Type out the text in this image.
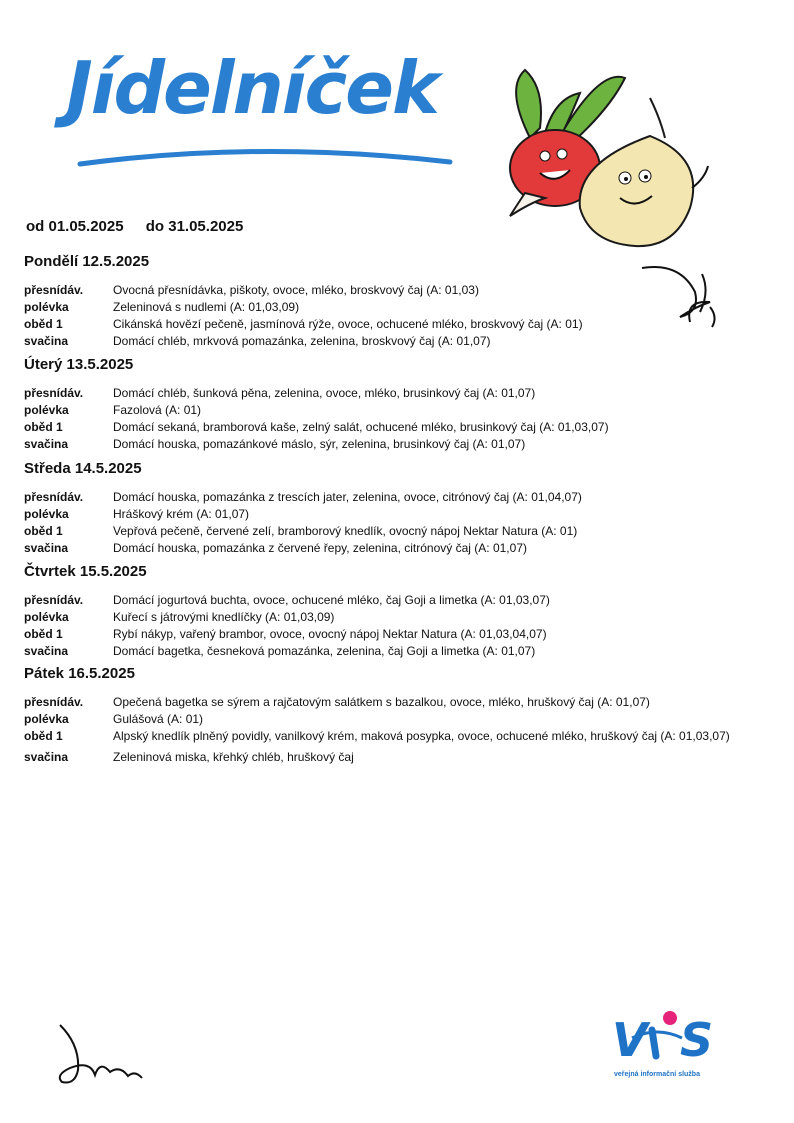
Jídelníček
od 01.05.2025 do 31.05.2025
Pondělí 12.5.2025
přesnídáv.	Ovocná přesnídávka, piškoty, ovoce, mléko, broskvový čaj (A: 01,03)
polévka	Zeleninová s nudlemi (A: 01,03,09)
oběd 1	Cikánská hovězí pečeně, jasmínová rýže, ovoce, ochucené mléko, broskvový čaj (A: 01)
svačina	Domácí chléb, mrkvová pomazánka, zelenina, broskvový čaj (A: 01,07)
Úterý 13.5.2025
přesnídáv.	Domácí chléb, šunková pěna, zelenina, ovoce, mléko, brusinkový čaj (A: 01,07)
polévka	Fazolová (A: 01)
oběd 1	Domácí sekaná, bramborová kaše, zelný salát, ochucené mléko, brusinkový čaj (A: 01,03,07)
svačina	Domácí houska, pomazánkové máslo, sýr, zelenina, brusinkový čaj (A: 01,07)
Středa 14.5.2025
přesnídáv.	Domácí houska, pomazánka z trescích jater, zelenina, ovoce, citrónový čaj (A: 01,04,07)
polévka	Hráškový krém (A: 01,07)
oběd 1	Vepřová pečeně, červené zelí, bramborový knedlík, ovocný nápoj Nektar Natura (A: 01)
svačina	Domácí houska, pomazánka z červené řepy, zelenina, citrónový čaj (A: 01,07)
Čtvrtek 15.5.2025
přesnídáv.	Domácí jogurtová buchta, ovoce, ochucené mléko, čaj Goji a limetka (A: 01,03,07)
polévka	Kuřecí s játrovými knedlíčky (A: 01,03,09)
oběd 1	Rybí nákyp, vařený brambor, ovoce, ovocný nápoj Nektar Natura (A: 01,03,04,07)
svačina	Domácí bagetka, česneková pomazánka, zelenina, čaj Goji a limetka (A: 01,07)
Pátek 16.5.2025
přesnídáv.	Opečená bagetka se sýrem a rajčatovým salátkem s bazalkou, ovoce, mléko, hruškový čaj (A: 01,07)
polévka	Gulášová (A: 01)
oběd 1	Alpský knedlík plněný povidly, vanilkový krém, maková posypka, ovoce, ochucené mléko, hruškový čaj (A: 01,03,07)
svačina	Zeleninová miska, křehký chléb, hruškový čaj
V S
veřejná informační služba
